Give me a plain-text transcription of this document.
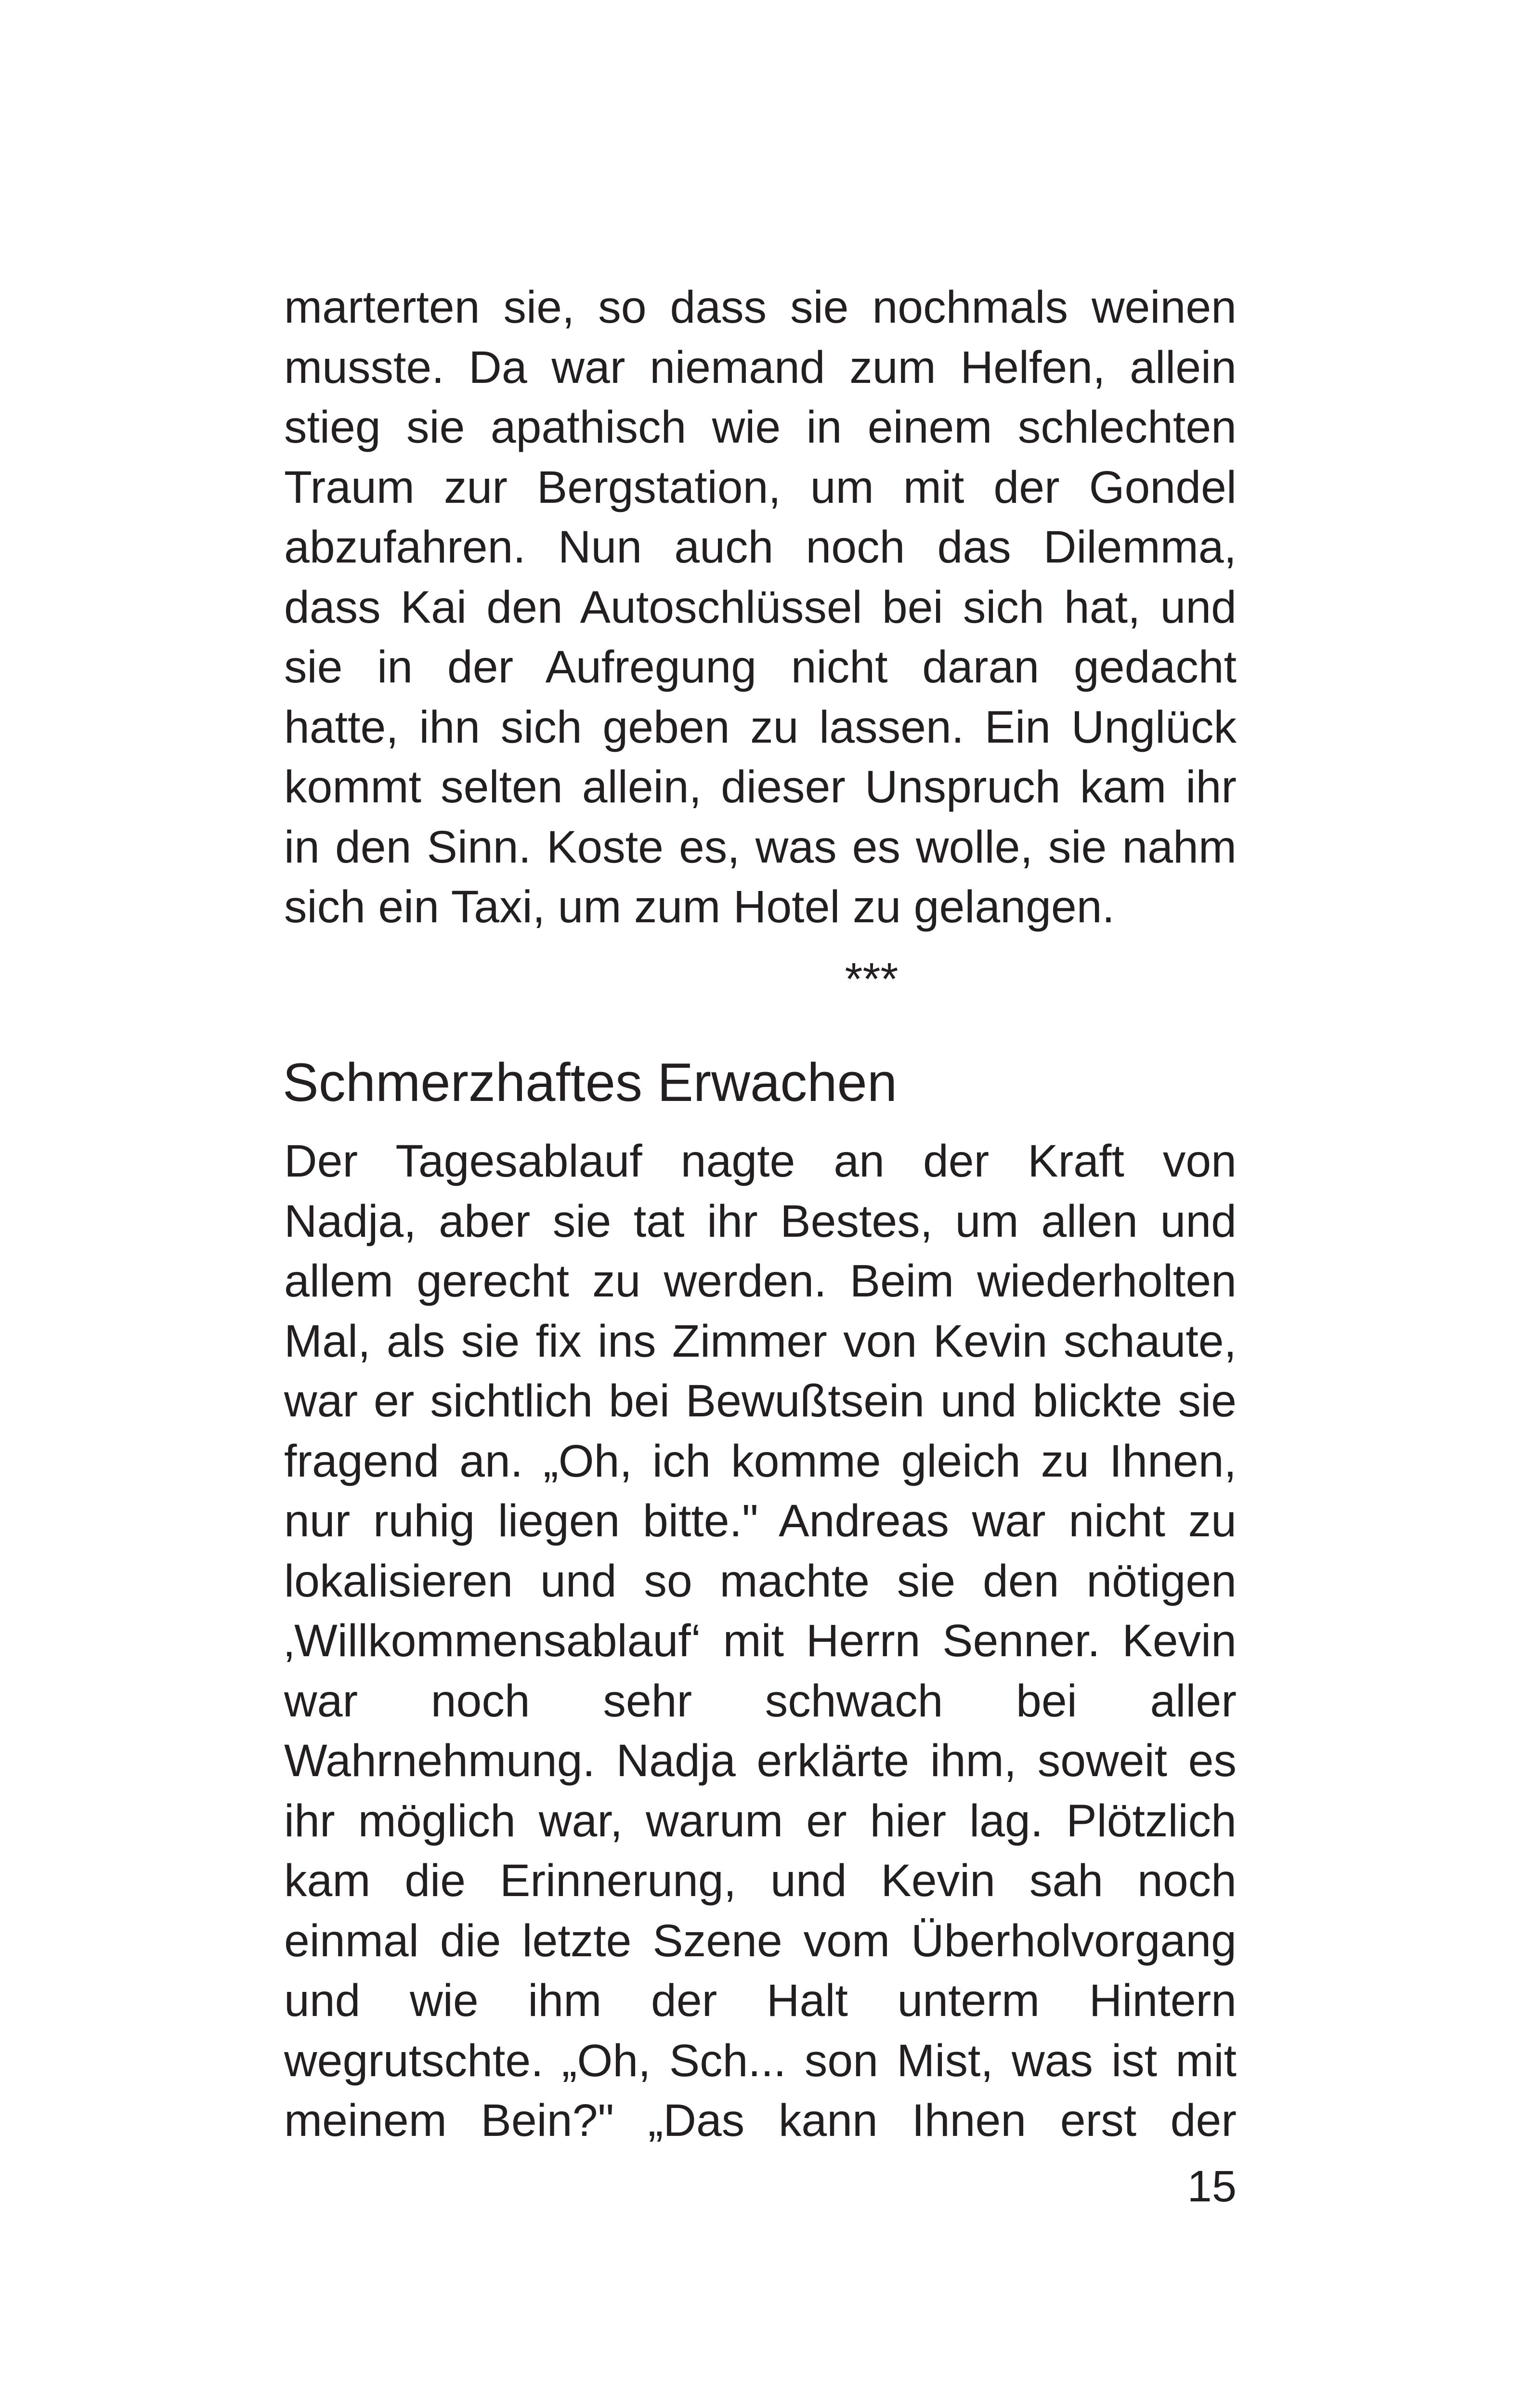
marterten sie, so dass sie nochmals weinen
musste. Da war niemand zum Helfen, allein
stieg sie apathisch wie in einem schlechten
Traum zur Bergstation, um mit der Gondel
abzufahren. Nun auch noch das Dilemma,
dass Kai den Autoschlüssel bei sich hat, und
sie in der Aufregung nicht daran gedacht
hatte, ihn sich geben zu lassen. Ein Unglück
kommt selten allein, dieser Unspruch kam ihr
in den Sinn. Koste es, was es wolle, sie nahm
sich ein Taxi, um zum Hotel zu gelangen.
***
Schmerzhaftes Erwachen
Der Tagesablauf nagte an der Kraft von
Nadja, aber sie tat ihr Bestes, um allen und
allem gerecht zu werden. Beim wiederholten
Mal, als sie fix ins Zimmer von Kevin schaute,
war er sichtlich bei Bewußtsein und blickte sie
fragend an. „Oh, ich komme gleich zu Ihnen,
nur ruhig liegen bitte." Andreas war nicht zu
lokalisieren und so machte sie den nötigen
‚Willkommensablauf‘ mit Herrn Senner. Kevin
war noch sehr schwach bei aller
Wahrnehmung. Nadja erklärte ihm, soweit es
ihr möglich war, warum er hier lag. Plötzlich
kam die Erinnerung, und Kevin sah noch
einmal die letzte Szene vom Überholvorgang
und wie ihm der Halt unterm Hintern
wegrutschte. „Oh, Sch... son Mist, was ist mit
meinem Bein?" „Das kann Ihnen erst der
15
